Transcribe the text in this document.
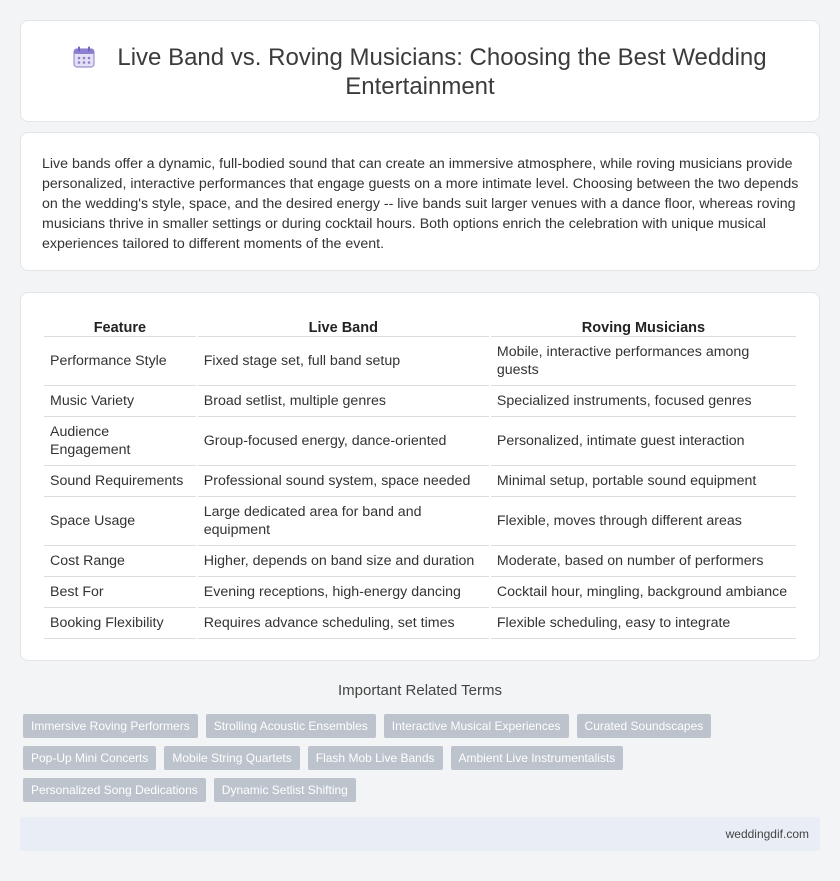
Live Band vs. Roving Musicians: Choosing the Best Wedding Entertainment

Live bands offer a dynamic, full-bodied sound that can create an immersive atmosphere, while roving musicians provide personalized, interactive performances that engage guests on a more intimate level. Choosing between the two depends on the wedding's style, space, and the desired energy -- live bands suit larger venues with a dance floor, whereas roving musicians thrive in smaller settings or during cocktail hours. Both options enrich the celebration with unique musical experiences tailored to different moments of the event.

Feature	Live Band	Roving Musicians
Performance Style	Fixed stage set, full band setup	Mobile, interactive performances among guests
Music Variety	Broad setlist, multiple genres	Specialized instruments, focused genres
Audience Engagement	Group-focused energy, dance-oriented	Personalized, intimate guest interaction
Sound Requirements	Professional sound system, space needed	Minimal setup, portable sound equipment
Space Usage	Large dedicated area for band and equipment	Flexible, moves through different areas
Cost Range	Higher, depends on band size and duration	Moderate, based on number of performers
Best For	Evening receptions, high-energy dancing	Cocktail hour, mingling, background ambiance
Booking Flexibility	Requires advance scheduling, set times	Flexible scheduling, easy to integrate
Important Related Terms
Immersive Roving Performers	Strolling Acoustic Ensembles	Interactive Musical Experiences	Curated Soundscapes
Pop-Up Mini Concerts	Mobile String Quartets	Flash Mob Live Bands	Ambient Live Instrumentalists
Personalized Song Dedications	Dynamic Setlist Shifting
weddingdif.com
